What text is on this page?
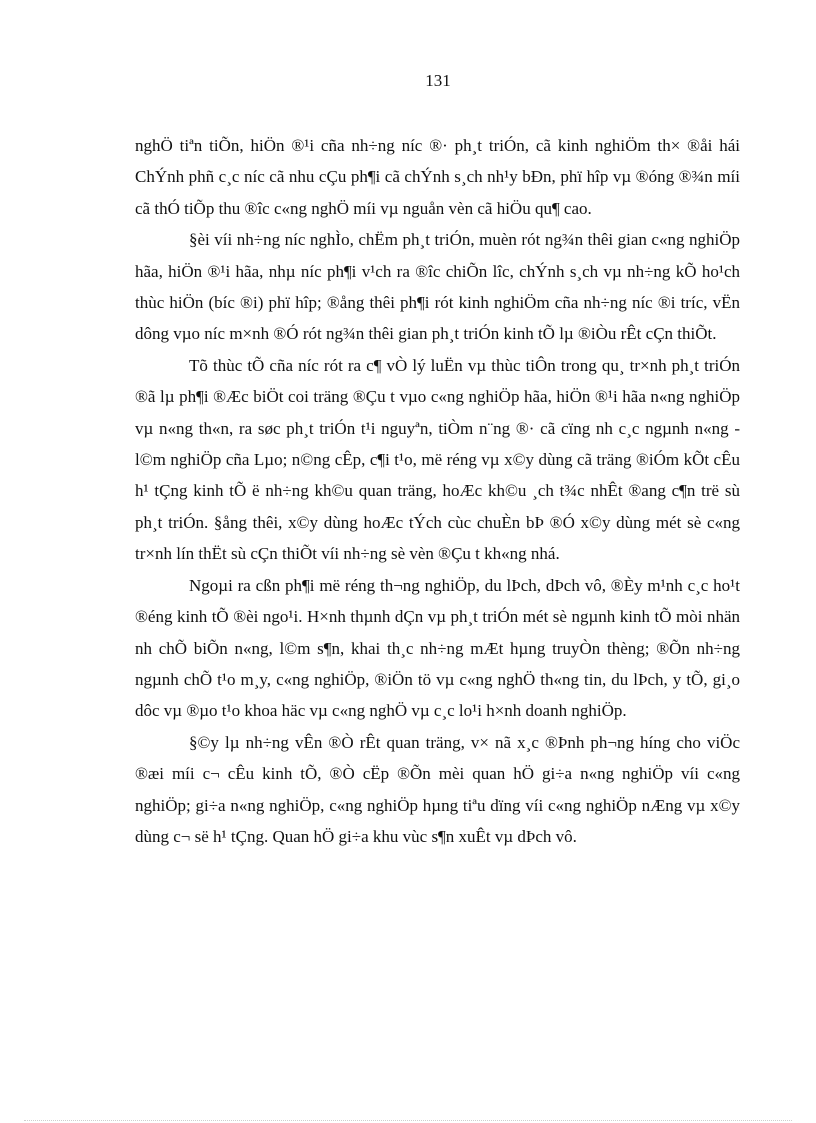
131

nghÖ tiªn tiÕn, hiÖn ®¹i cña nh÷ng níc ®· ph¸t triÓn, cã kinh nghiÖm th× ®åi hái ChÝnh phñ c¸c níc cã nhu cÇu ph¶i cã chÝnh s¸ch nh¹y bÐn, phï hîp vµ ®óng ®¾n míi cã thÓ tiÕp thu ®îc c«ng nghÖ míi vµ nguån vèn cã hiÖu qu¶ cao.

§èi víi nh÷ng níc nghÌo, chËm ph¸t triÓn, muèn rót ng¾n thêi gian c«ng nghiÖp hãa, hiÖn ®¹i hãa, nhµ níc ph¶i v¹ch ra ®îc chiÕn lîc, chÝnh s¸ch vµ nh÷ng kÕ ho¹ch thùc hiÖn (bíc ®i) phï hîp; ®ång thêi ph¶i rót kinh nghiÖm cña nh÷ng níc ®i tríc, vËn dông vµo níc m×nh ®Ó rót ng¾n thêi gian ph¸t triÓn kinh tÕ lµ ®iÒu rÊt cÇn thiÕt.

Tõ thùc tÕ cña níc rót ra c¶ vÒ lý luËn vµ thùc tiÔn trong qu¸ tr×nh ph¸t triÓn ®ã lµ ph¶i ®Æc biÖt coi träng ®Çu t vµo c«ng nghiÖp hãa, hiÖn ®¹i hãa n«ng nghiÖp vµ n«ng th«n, ra søc ph¸t triÓn t¹i nguyªn, tiÒm n¨ng ®· cã cïng nh c¸c ngµnh n«ng - l©m nghiÖp cña Lµo; n©ng cÊp, c¶i t¹o, më réng vµ x©y dùng cã träng ®iÓm kÕt cÊu h¹ tÇng kinh tÕ ë nh÷ng kh©u quan träng, hoÆc kh©u ¸ch t¾c nhÊt ®ang c¶n trë sù ph¸t triÓn. §ång thêi, x©y dùng hoÆc tÝch cùc chuÈn bÞ ®Ó x©y dùng mét sè c«ng tr×nh lín thËt sù cÇn thiÕt víi nh÷ng sè vèn ®Çu t kh«ng nhá.

Ngoµi ra cßn ph¶i më réng th¬ng nghiÖp, du lÞch, dÞch vô, ®Èy m¹nh c¸c ho¹t ®éng kinh tÕ ®èi ngo¹i. H×nh thµnh dÇn vµ ph¸t triÓn mét sè ngµnh kinh tÕ mòi nhän nh chÕ biÕn n«ng, l©m s¶n, khai th¸c nh÷ng mÆt hµng truyÒn thèng; ®Õn nh÷ng ngµnh chÕ t¹o m¸y, c«ng nghiÖp, ®iÖn tö vµ c«ng nghÖ th«ng tin, du lÞch, y tÕ, gi¸o dôc vµ ®µo t¹o khoa häc vµ c«ng nghÖ vµ c¸c lo¹i h×nh doanh nghiÖp.

§©y lµ nh÷ng vÊn ®Ò rÊt quan träng, v× nã x¸c ®Þnh ph¬ng híng cho viÖc ®æi míi c¬ cÊu kinh tÕ, ®Ò cËp ®Õn mèi quan hÖ gi÷a n«ng nghiÖp víi c«ng nghiÖp; gi÷a n«ng nghiÖp, c«ng nghiÖp hµng tiªu dïng víi c«ng nghiÖp nÆng vµ x©y dùng c¬ së h¹ tÇng. Quan hÖ gi÷a khu vùc s¶n xuÊt vµ dÞch vô.
